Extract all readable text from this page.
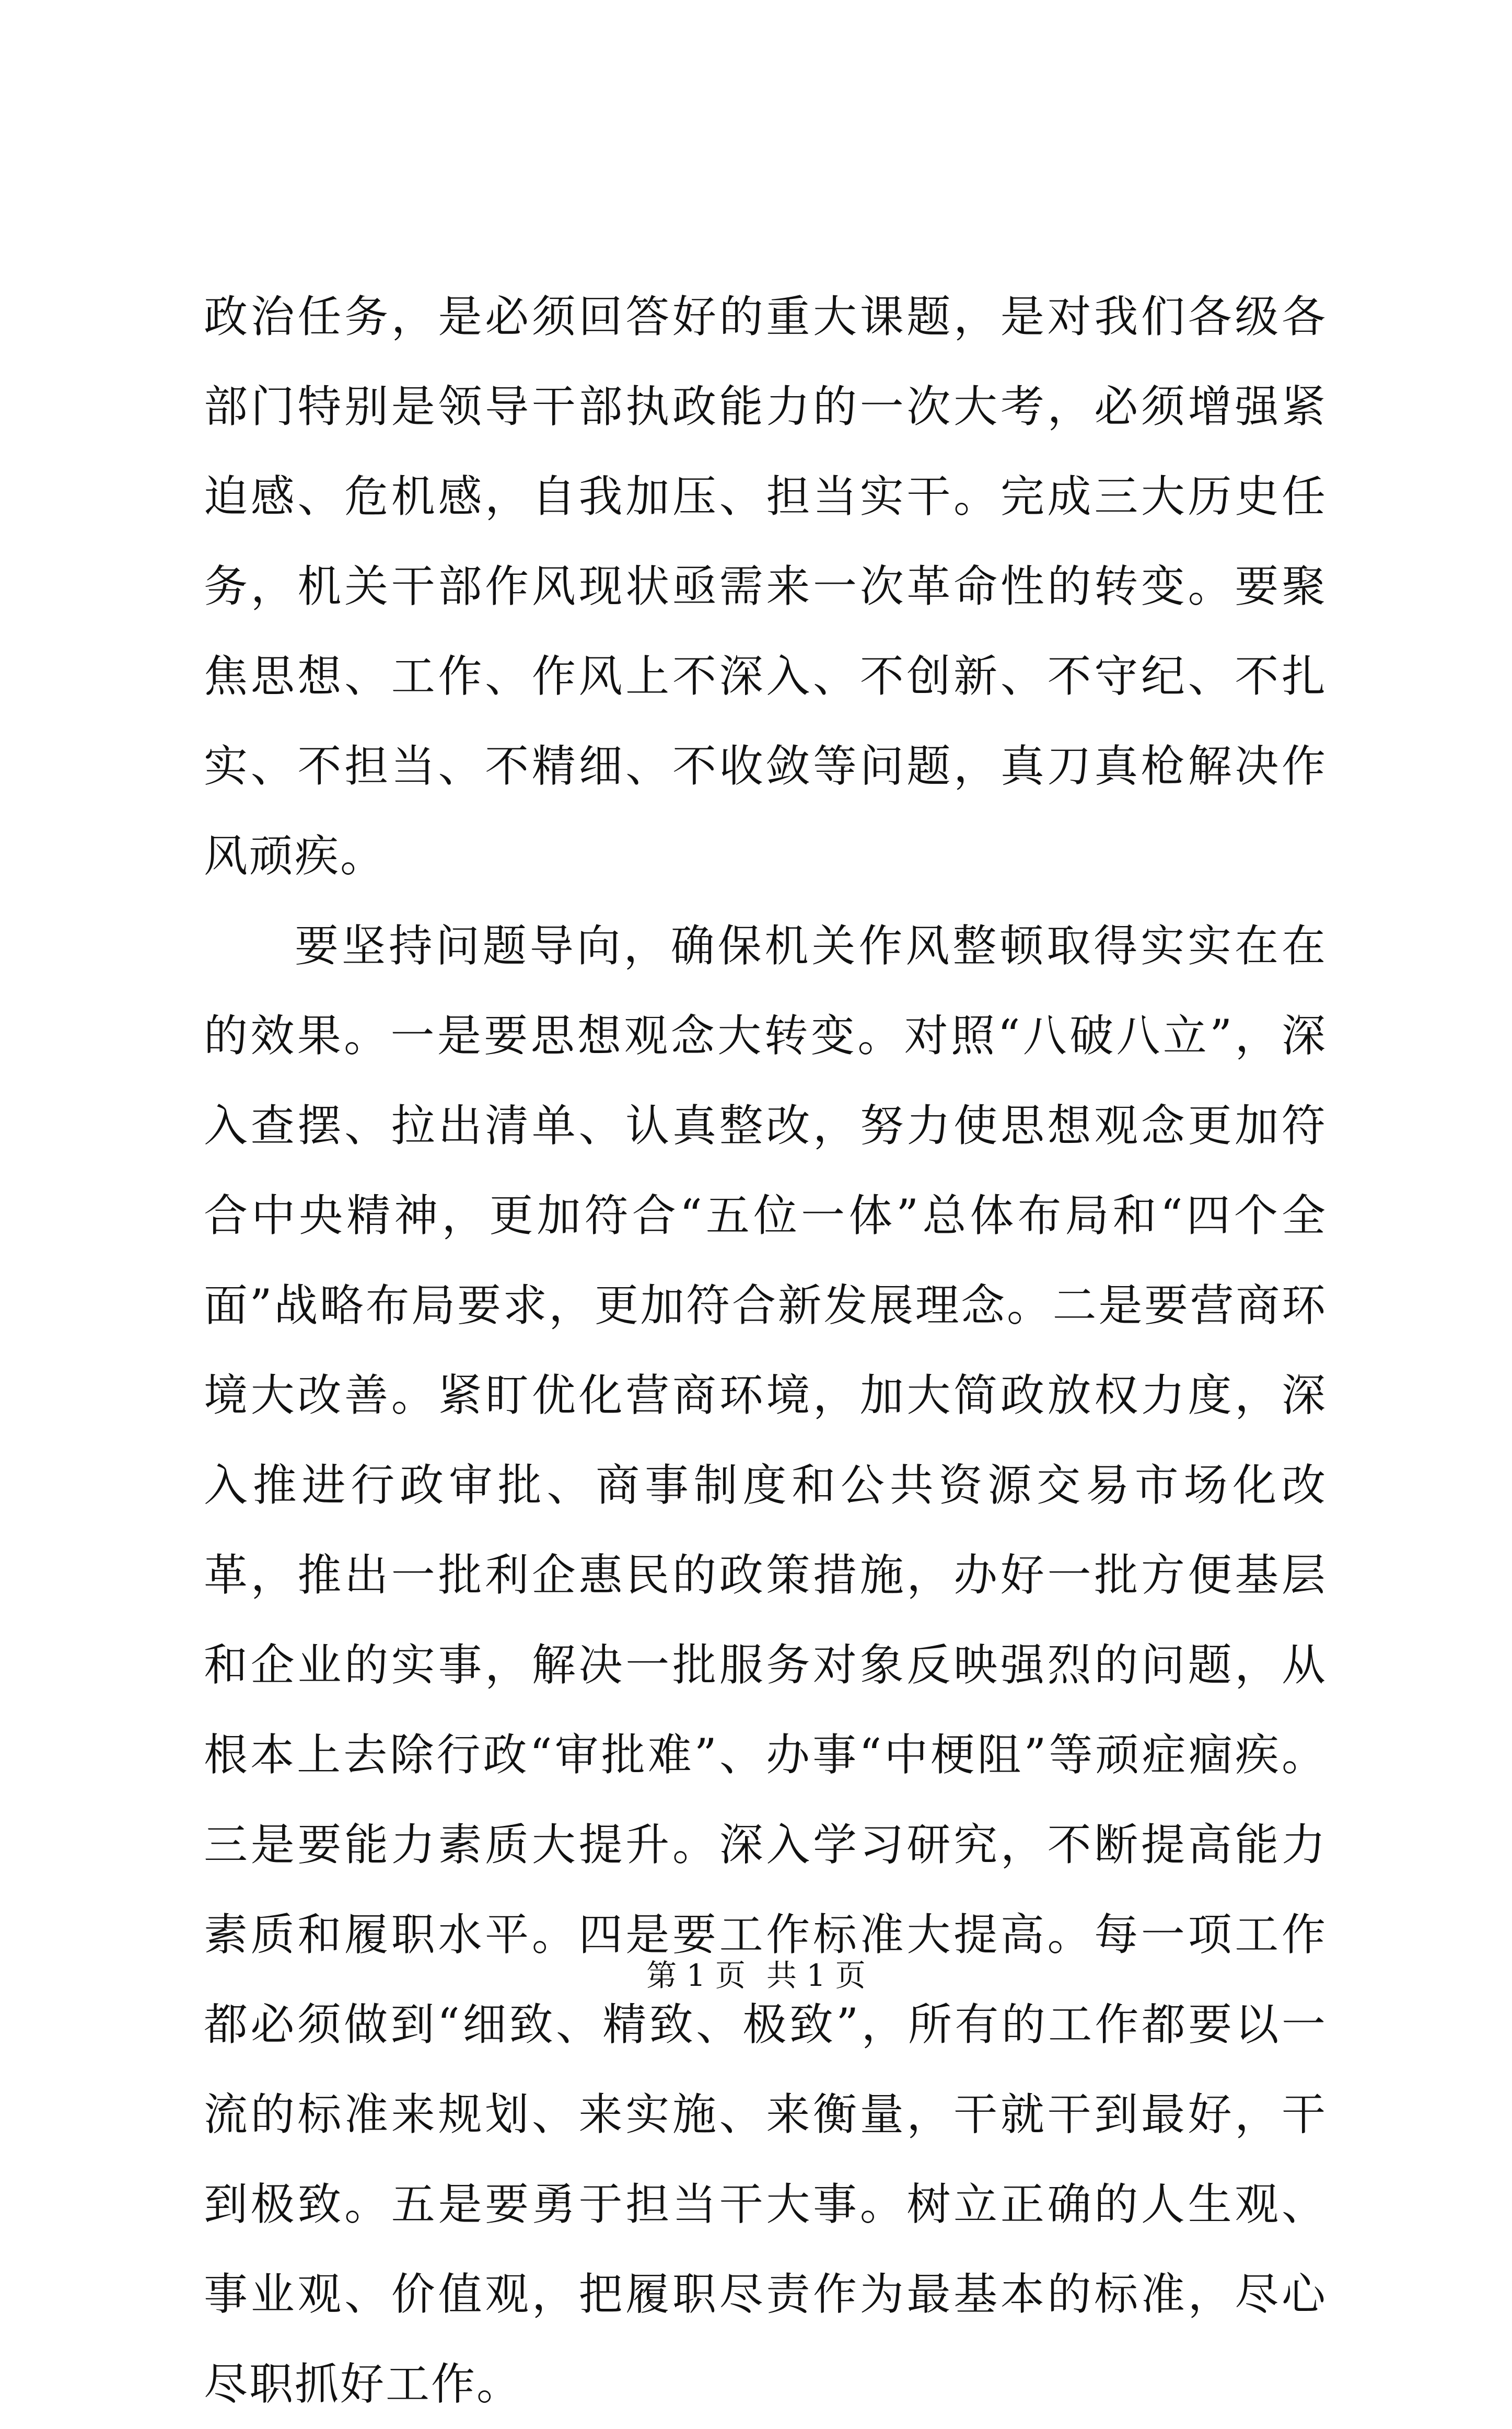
政治任务，是必须回答好的重大课题，是对我们各级各部门特别是领导干部执政能力的一次大考，必须增强紧迫感、危机感，自我加压、担当实干。完成三大历史任务，机关干部作风现状亟需来一次革命性的转变。要聚焦思想、工作、作风上不深入、不创新、不守纪、不扎实、不担当、不精细、不收敛等问题，真刀真枪解决作风顽疾。

要坚持问题导向，确保机关作风整顿取得实实在在的效果。一是要思想观念大转变。对照“八破八立”，深入查摆、拉出清单、认真整改，努力使思想观念更加符合中央精神，更加符合“五位一体”总体布局和“四个全面”战略布局要求，更加符合新发展理念。二是要营商环境大改善。紧盯优化营商环境，加大简政放权力度，深入推进行政审批、商事制度和公共资源交易市场化改革，推出一批利企惠民的政策措施，办好一批方便基层和企业的实事，解决一批服务对象反映强烈的问题，从根本上去除行政“审批难”、办事“中梗阻”等顽症痼疾。三是要能力素质大提升。深入学习研究，不断提高能力素质和履职水平。四是要工作标准大提高。每一项工作都必须做到“细致、精致、极致”，所有的工作都要以一流的标准来规划、来实施、来衡量，干就干到最好，干到极致。五是要勇于担当干大事。树立正确的人生观、事业观、价值观，把履职尽责作为最基本的标准，尽心尽职抓好工作。

第 1 页 共 1 页
